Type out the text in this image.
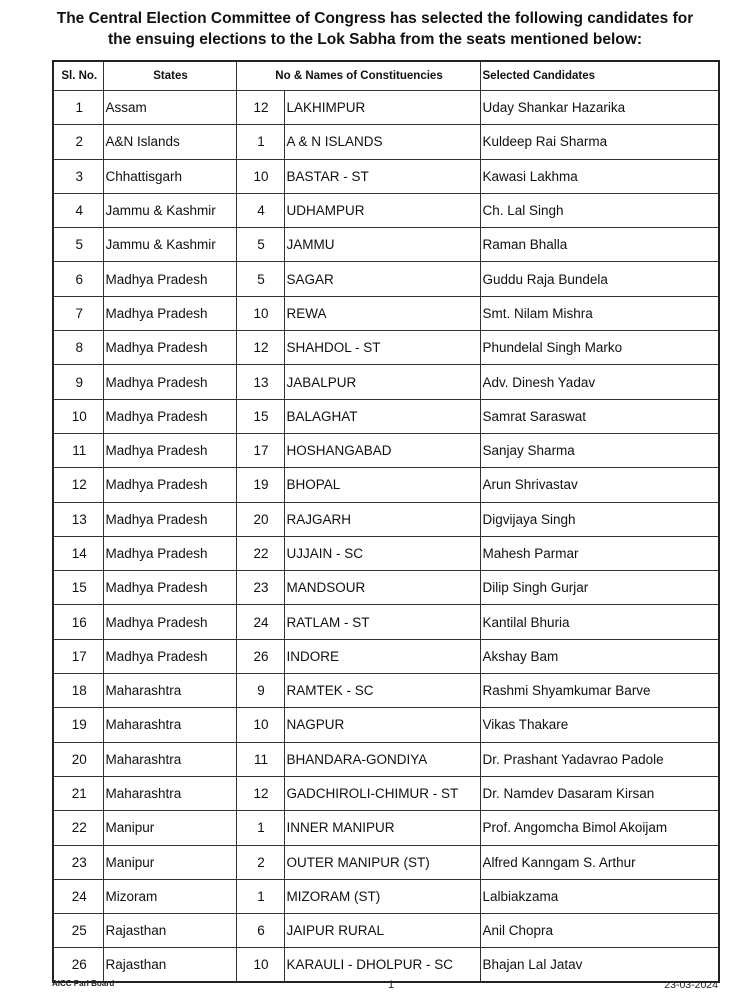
The Central Election Committee of Congress has selected the following candidates for
the ensuing elections to the Lok Sabha from the seats mentioned below:
Sl. No.	States	No & Names of Constituencies		Selected Candidates
1	Assam	12	LAKHIMPUR	Uday Shankar Hazarika
2	A&N Islands	1	A & N ISLANDS	Kuldeep Rai Sharma
3	Chhattisgarh	10	BASTAR - ST	Kawasi Lakhma
4	Jammu & Kashmir	4	UDHAMPUR	Ch. Lal Singh
5	Jammu & Kashmir	5	JAMMU	Raman Bhalla
6	Madhya Pradesh	5	SAGAR	Guddu Raja Bundela
7	Madhya Pradesh	10	REWA	Smt. Nilam Mishra
8	Madhya Pradesh	12	SHAHDOL - ST	Phundelal Singh Marko
9	Madhya Pradesh	13	JABALPUR	Adv. Dinesh Yadav
10	Madhya Pradesh	15	BALAGHAT	Samrat Saraswat
11	Madhya Pradesh	17	HOSHANGABAD	Sanjay Sharma
12	Madhya Pradesh	19	BHOPAL	Arun Shrivastav
13	Madhya Pradesh	20	RAJGARH	Digvijaya Singh
14	Madhya Pradesh	22	UJJAIN - SC	Mahesh Parmar
15	Madhya Pradesh	23	MANDSOUR	Dilip Singh Gurjar
16	Madhya Pradesh	24	RATLAM - ST	Kantilal Bhuria
17	Madhya Pradesh	26	INDORE	Akshay Bam
18	Maharashtra	9	RAMTEK - SC	Rashmi Shyamkumar Barve
19	Maharashtra	10	NAGPUR	Vikas Thakare
20	Maharashtra	11	BHANDARA-GONDIYA	Dr. Prashant Yadavrao Padole
21	Maharashtra	12	GADCHIROLI-CHIMUR - ST	Dr. Namdev Dasaram Kirsan
22	Manipur	1	INNER MANIPUR	Prof. Angomcha Bimol Akoijam
23	Manipur	2	OUTER MANIPUR (ST)	Alfred Kanngam S. Arthur
24	Mizoram	1	MIZORAM (ST)	Lalbiakzama
25	Rajasthan	6	JAIPUR RURAL	Anil Chopra
26	Rajasthan	10	KARAULI - DHOLPUR - SC	Bhajan Lal Jatav
AICC Parl Board	1	23-03-2024
